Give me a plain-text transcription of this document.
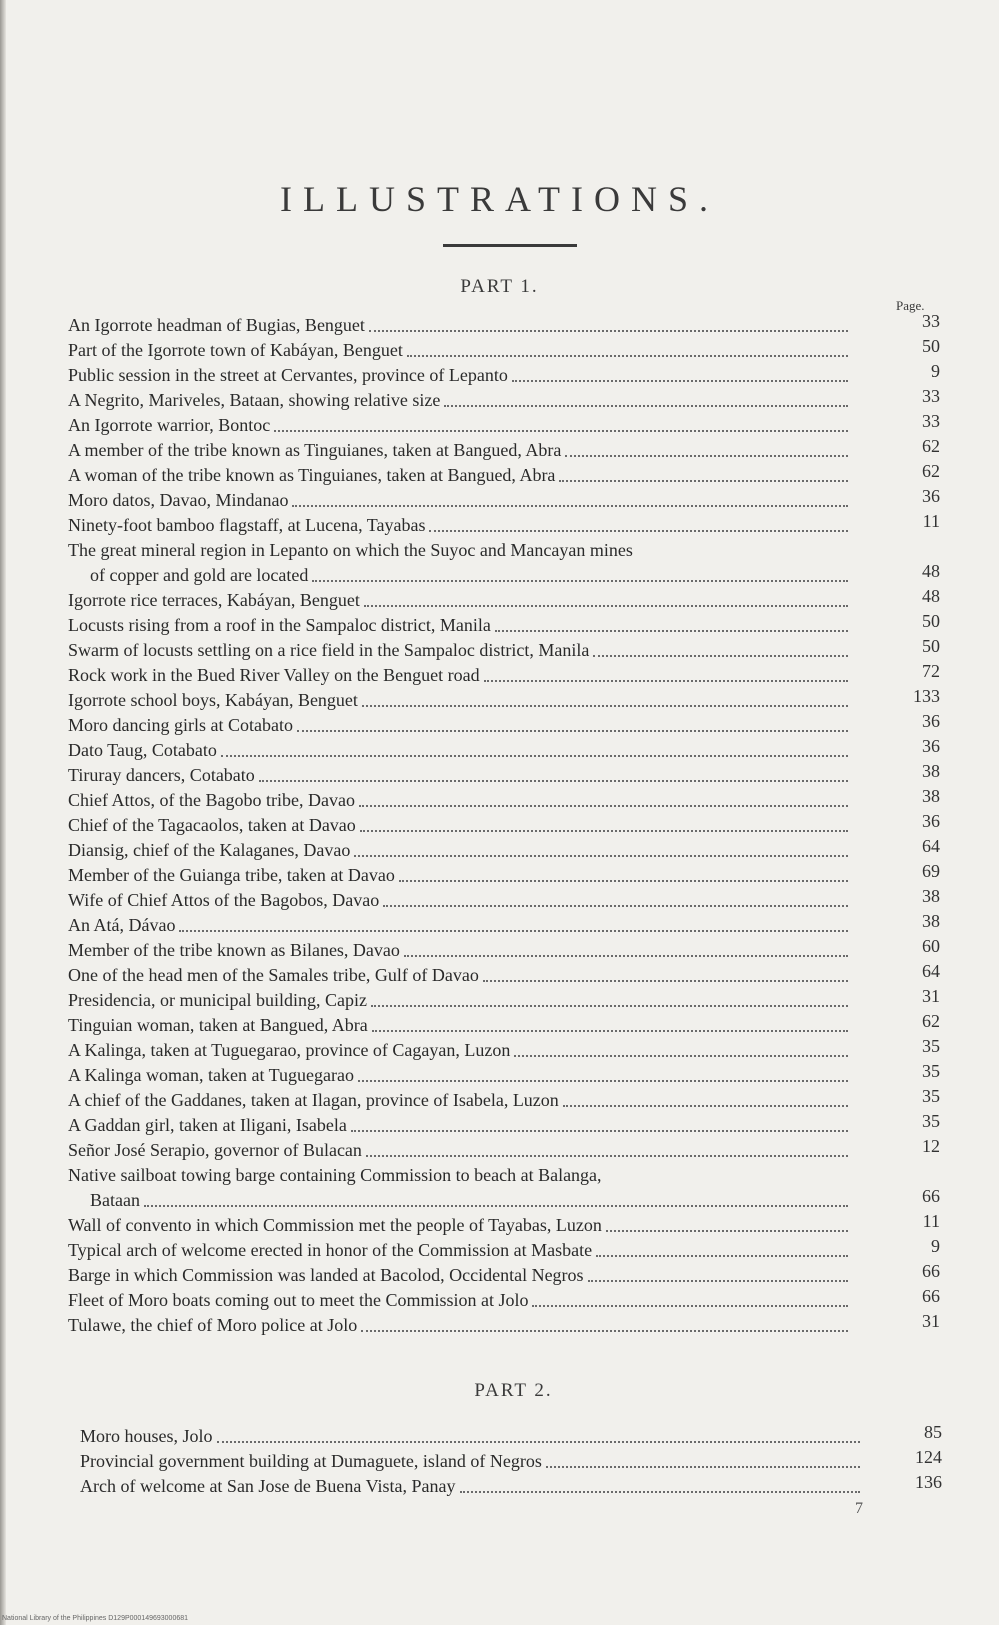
ILLUSTRATIONS.
PART 1.
Page.
An Igorrote headman of Bugias, Benguet	33
Part of the Igorrote town of Kabáyan, Benguet	50
Public session in the street at Cervantes, province of Lepanto	9
A Negrito, Mariveles, Bataan, showing relative size	33
An Igorrote warrior, Bontoc	33
A member of the tribe known as Tinguianes, taken at Bangued, Abra	62
A woman of the tribe known as Tinguianes, taken at Bangued, Abra	62
Moro datos, Davao, Mindanao	36
Ninety-foot bamboo flagstaff, at Lucena, Tayabas	11
The great mineral region in Lepanto on which the Suyoc and Mancayan mines
of copper and gold are located	48
Igorrote rice terraces, Kabáyan, Benguet	48
Locusts rising from a roof in the Sampaloc district, Manila	50
Swarm of locusts settling on a rice field in the Sampaloc district, Manila	50
Rock work in the Bued River Valley on the Benguet road	72
Igorrote school boys, Kabáyan, Benguet	133
Moro dancing girls at Cotabato	36
Dato Taug, Cotabato	36
Tiruray dancers, Cotabato	38
Chief Attos, of the Bagobo tribe, Davao	38
Chief of the Tagacaolos, taken at Davao	36
Diansig, chief of the Kalaganes, Davao	64
Member of the Guianga tribe, taken at Davao	69
Wife of Chief Attos of the Bagobos, Davao	38
An Atá, Dávao	38
Member of the tribe known as Bilanes, Davao	60
One of the head men of the Samales tribe, Gulf of Davao	64
Presidencia, or municipal building, Capiz	31
Tinguian woman, taken at Bangued, Abra	62
A Kalinga, taken at Tuguegarao, province of Cagayan, Luzon	35
A Kalinga woman, taken at Tuguegarao	35
A chief of the Gaddanes, taken at Ilagan, province of Isabela, Luzon	35
A Gaddan girl, taken at Iligani, Isabela	35
Señor José Serapio, governor of Bulacan	12
Native sailboat towing barge containing Commission to beach at Balanga,
Bataan	66
Wall of convento in which Commission met the people of Tayabas, Luzon	11
Typical arch of welcome erected in honor of the Commission at Masbate	9
Barge in which Commission was landed at Bacolod, Occidental Negros	66
Fleet of Moro boats coming out to meet the Commission at Jolo	66
Tulawe, the chief of Moro police at Jolo	31
PART 2.
Moro houses, Jolo	85
Provincial government building at Dumaguete, island of Negros	124
Arch of welcome at San Jose de Buena Vista, Panay	136
7
National Library of the Philippines D129P000149693000681
